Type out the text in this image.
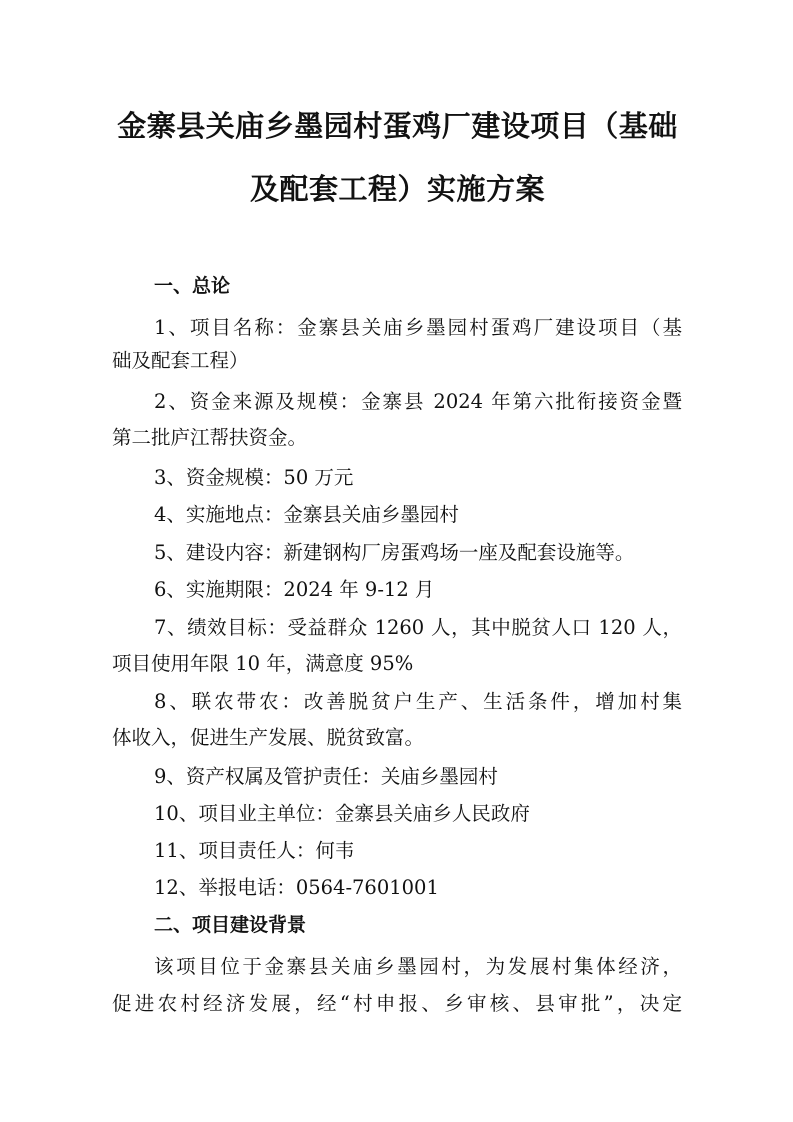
金寨县关庙乡墨园村蛋鸡厂建设项目（基础
及配套工程）实施方案
一、总论
1、项目名称：金寨县关庙乡墨园村蛋鸡厂建设项目（基
础及配套工程）
2、资金来源及规模：金寨县 2024 年第六批衔接资金暨
第二批庐江帮扶资金。
3、资金规模：50 万元
4、实施地点：金寨县关庙乡墨园村
5、建设内容：新建钢构厂房蛋鸡场一座及配套设施等。
6、实施期限：2024 年 9-12 月
7、绩效目标：受益群众 1260 人，其中脱贫人口 120 人，
项目使用年限 10 年，满意度 95%
8、联农带农：改善脱贫户生产、生活条件，增加村集
体收入，促进生产发展、脱贫致富。
9、资产权属及管护责任：关庙乡墨园村
10、项目业主单位：金寨县关庙乡人民政府
11、项目责任人：何韦
12、举报电话：0564-7601001
二、项目建设背景
该项目位于金寨县关庙乡墨园村，为发展村集体经济，
促进农村经济发展，经“村申报、乡审核、县审批”，决定
